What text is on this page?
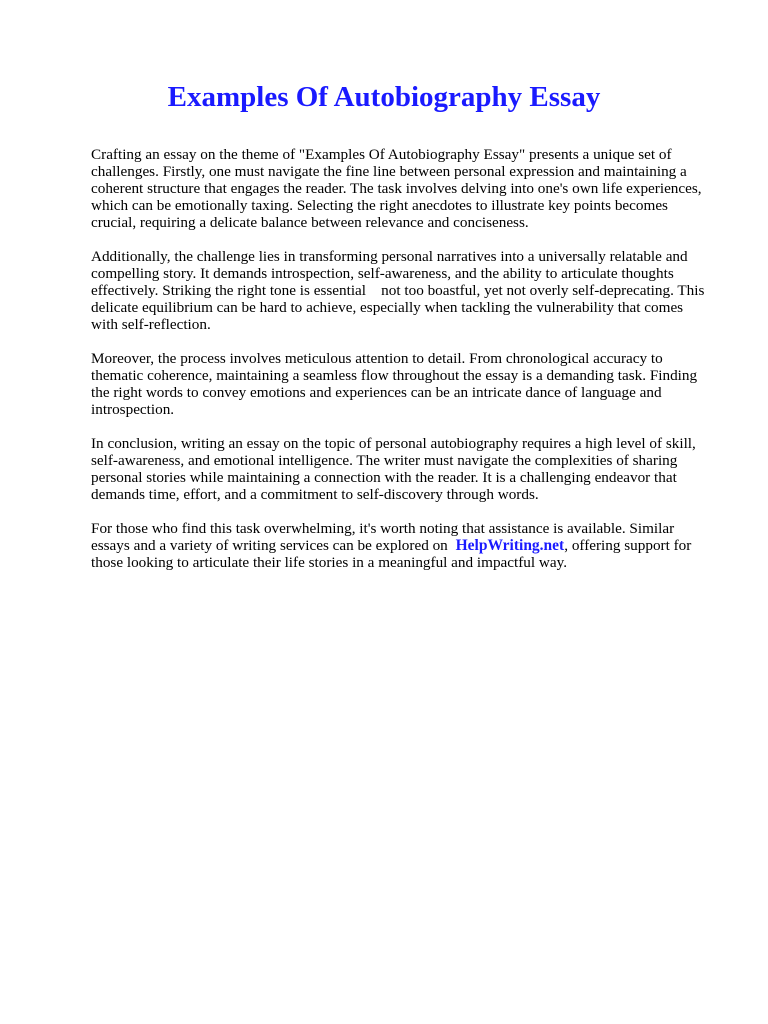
Examples Of Autobiography Essay

Crafting an essay on the theme of "Examples Of Autobiography Essay" presents a unique set of challenges. Firstly, one must navigate the fine line between personal expression and maintaining a coherent structure that engages the reader. The task involves delving into one's own life experiences, which can be emotionally taxing. Selecting the right anecdotes to illustrate key points becomes crucial, requiring a delicate balance between relevance and conciseness.

Additionally, the challenge lies in transforming personal narratives into a universally relatable and compelling story. It demands introspection, self-awareness, and the ability to articulate thoughts effectively. Striking the right tone is essential    not too boastful, yet not overly self-deprecating. This delicate equilibrium can be hard to achieve, especially when tackling the vulnerability that comes with self-reflection.

Moreover, the process involves meticulous attention to detail. From chronological accuracy to thematic coherence, maintaining a seamless flow throughout the essay is a demanding task. Finding the right words to convey emotions and experiences can be an intricate dance of language and introspection.

In conclusion, writing an essay on the topic of personal autobiography requires a high level of skill, self-awareness, and emotional intelligence. The writer must navigate the complexities of sharing personal stories while maintaining a connection with the reader. It is a challenging endeavor that demands time, effort, and a commitment to self-discovery through words.

For those who find this task overwhelming, it's worth noting that assistance is available. Similar essays and a variety of writing services can be explored on HelpWriting.net, offering support for those looking to articulate their life stories in a meaningful and impactful way.
